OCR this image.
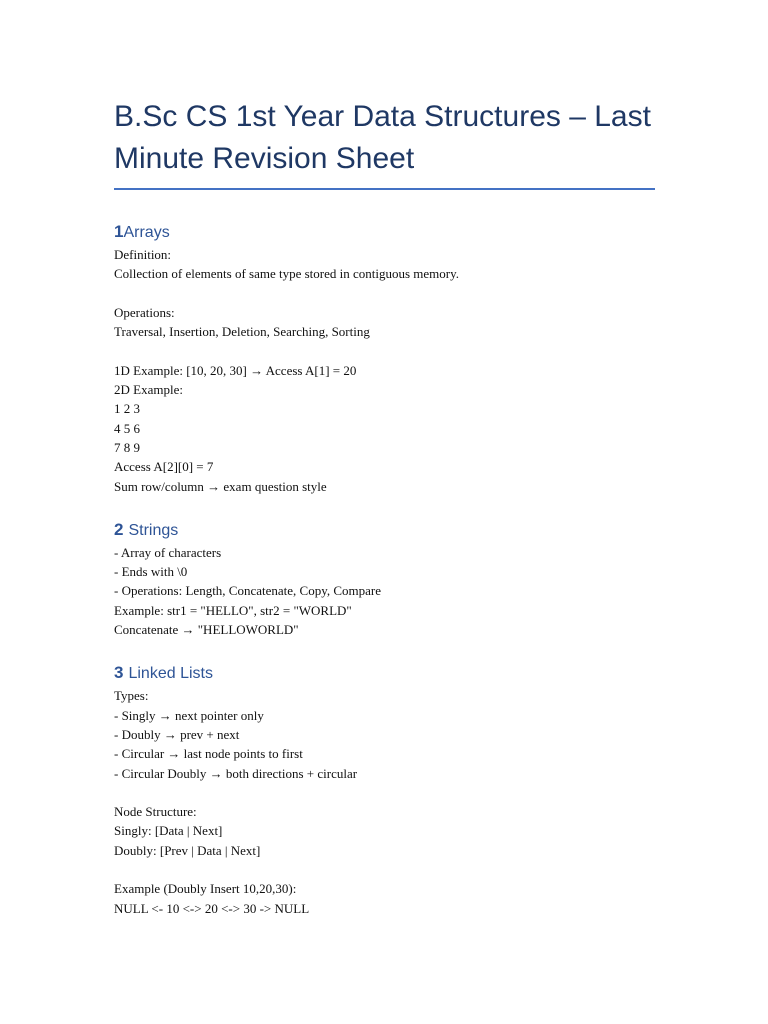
B.Sc CS 1st Year Data Structures – Last Minute Revision Sheet
1 Arrays
Definition:
Collection of elements of same type stored in contiguous memory.
Operations:
Traversal, Insertion, Deletion, Searching, Sorting
1D Example: [10, 20, 30] → Access A[1] = 20
2D Example:
1 2 3
4 5 6
7 8 9
Access A[2][0] = 7
Sum row/column → exam question style
2 Strings
- Array of characters
- Ends with \0
- Operations: Length, Concatenate, Copy, Compare
Example: str1 = "HELLO", str2 = "WORLD"
Concatenate → "HELLOWORLD"
3 Linked Lists
Types:
- Singly → next pointer only
- Doubly → prev + next
- Circular → last node points to first
- Circular Doubly → both directions + circular
Node Structure:
Singly: [Data | Next]
Doubly: [Prev | Data | Next]
Example (Doubly Insert 10,20,30):
NULL <- 10 <-> 20 <-> 30 -> NULL
